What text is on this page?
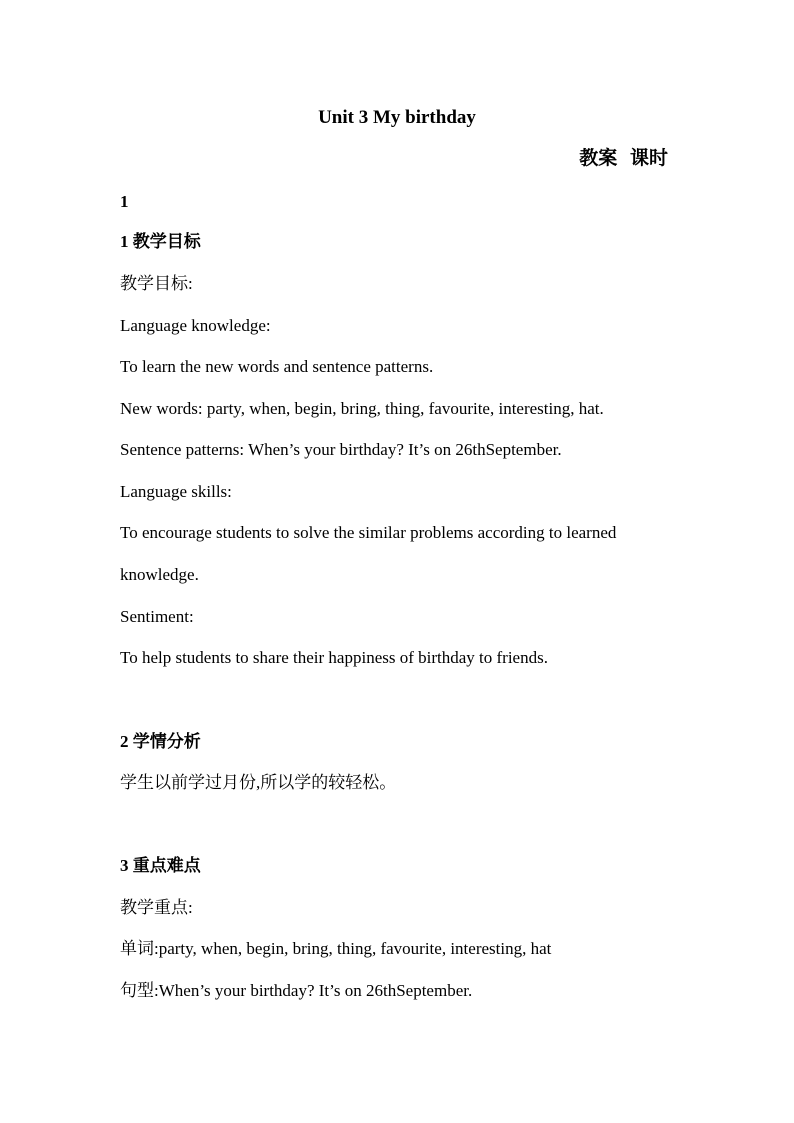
Unit 3 My birthday
教案 课时
1
1 教学目标
教学目标:
Language knowledge:
To learn the new words and sentence patterns.
New words: party, when, begin, bring, thing, favourite, interesting, hat.
Sentence patterns: When’s your birthday? It’s on 26thSeptember.
Language skills:
To encourage students to solve the similar problems according to learned
knowledge.
Sentiment:
To help students to share their happiness of birthday to friends.
2 学情分析
学生以前学过月份,所以学的较轻松。
3 重点难点
教学重点:
单词:party, when, begin, bring, thing, favourite, interesting, hat
句型:When’s your birthday? It’s on 26thSeptember.
